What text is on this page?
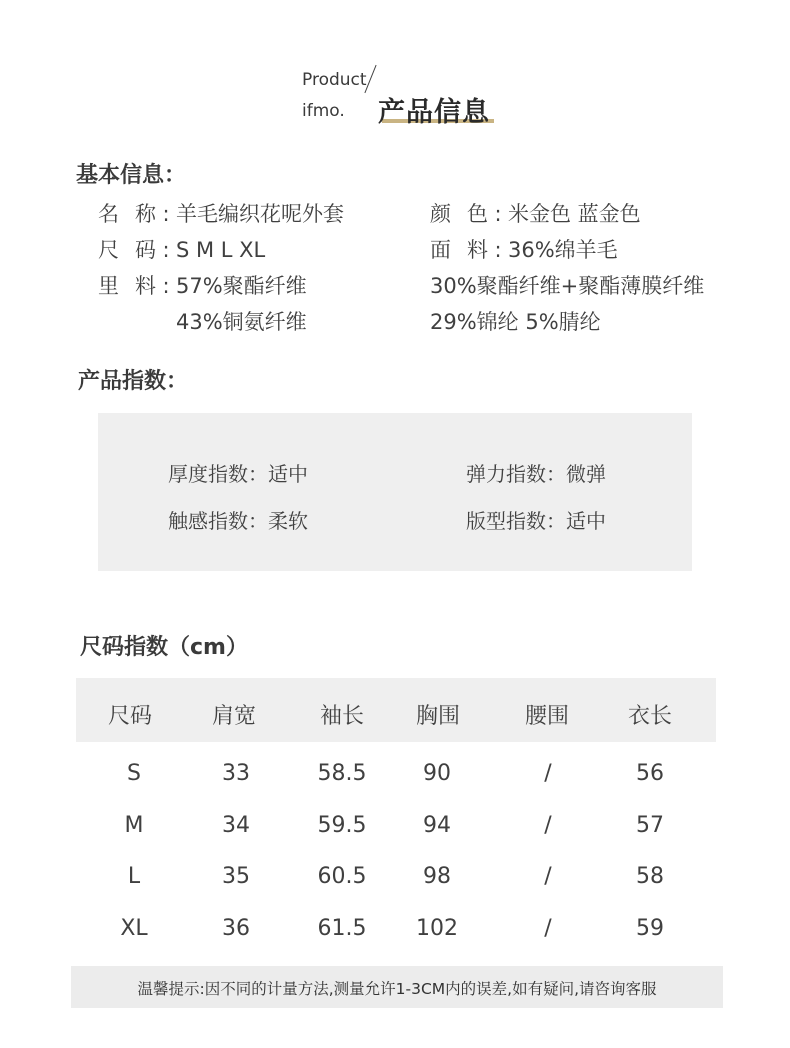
Product
ifmo. 产品信息
基本信息：
名 称 : 羊毛编织花呢外套
尺 码 : S M L XL
里 料 : 57%聚酯纤维
43%铜氨纤维
颜 色 : 米金色 蓝金色
面 料 : 36%绵羊毛
30%聚酯纤维+聚酯薄膜纤维
29%锦纶 5%腈纶
产品指数：
厚度指数：适中	弹力指数：微弹
触感指数：柔软	版型指数：适中
尺码指数（cm）
尺码	肩宽	袖长	胸围	腰围	衣长
S	33	58.5	90	/	56
M	34	59.5	94	/	57
L	35	60.5	98	/	58
XL	36	61.5	102	/	59
温馨提示:因不同的计量方法,测量允许1-3CM内的误差,如有疑问,请咨询客服
